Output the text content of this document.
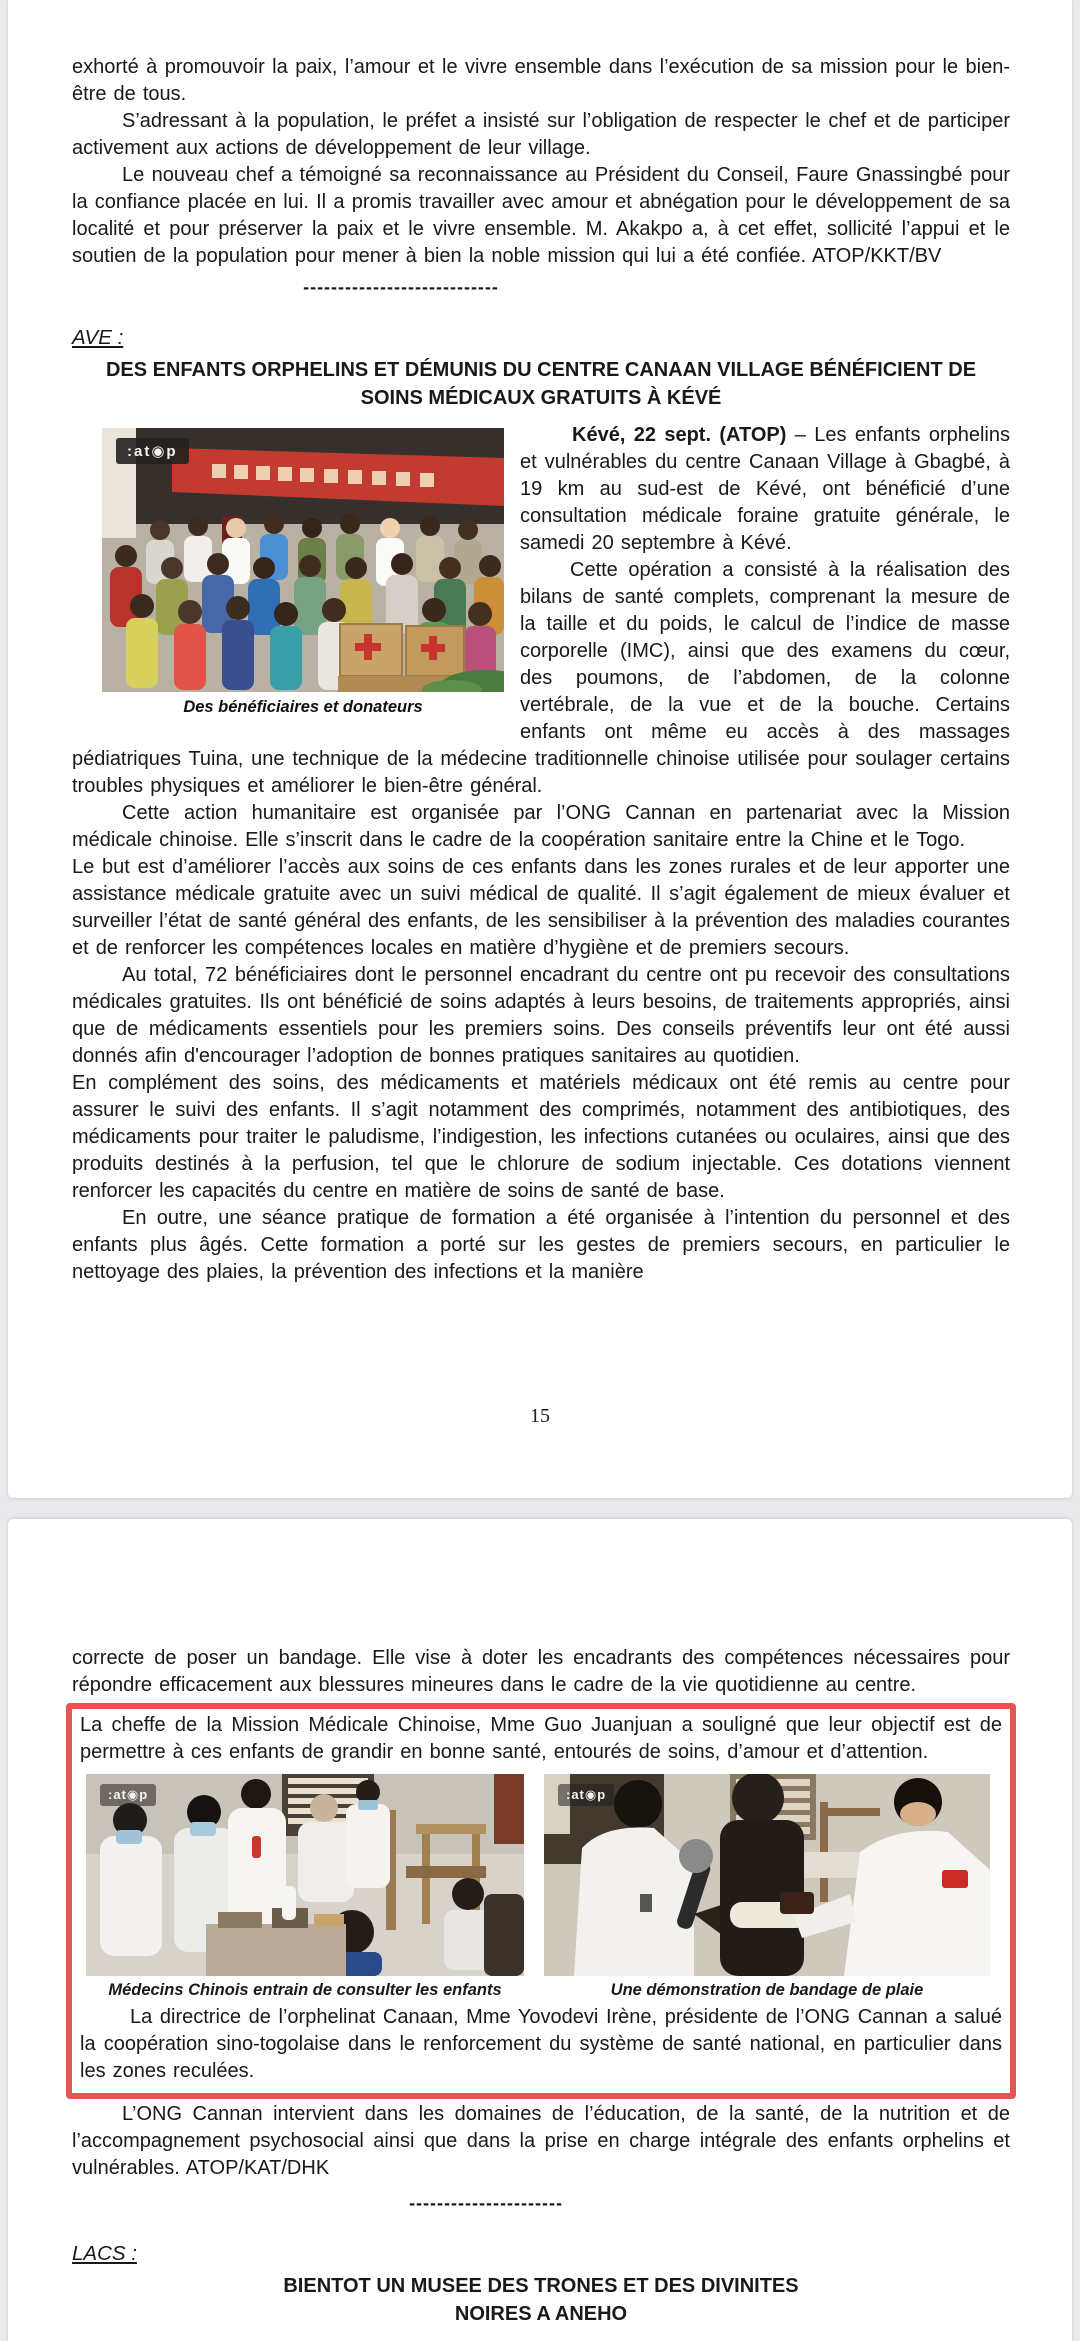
exhorté à promouvoir la paix, l’amour et le vivre ensemble dans l’exécution de sa mission pour le bien-être de tous.

S’adressant à la population, le préfet a insisté sur l’obligation de respecter le chef et de participer activement aux actions de développement de leur village.

Le nouveau chef a témoigné sa reconnaissance au Président du Conseil, Faure Gnassingbé pour la confiance placée en lui. Il a promis travailler avec amour et abnégation pour le développement de sa localité et pour préserver la paix et le vivre ensemble. M. Akakpo a, à cet effet, sollicité l’appui et le soutien de la population pour mener à bien la noble mission qui lui a été confiée. ATOP/KKT/BV

----------------------------
AVE :
DES ENFANTS ORPHELINS ET DÉMUNIS DU CENTRE CANAAN VILLAGE BÉNÉFICIENT DE SOINS MÉDICAUX GRATUITS À KÉVÉ
:at◉p
Des bénéficiaires et donateurs

Kévé, 22 sept. (ATOP) – Les enfants orphelins et vulnérables du centre Canaan Village à Gbagbé, à 19 km au sud-est de Kévé, ont bénéficié d’une consultation médicale foraine gratuite générale, le samedi 20 septembre à Kévé.

Cette opération a consisté à la réalisation des bilans de santé complets, comprenant la mesure de la taille et du poids, le calcul de l’indice de masse corporelle (IMC), ainsi que des examens du cœur, des poumons, de l’abdomen, de la colonne vertébrale, de la vue et de la bouche. Certains enfants ont même eu accès à des massages pédiatriques Tuina, une technique de la médecine traditionnelle chinoise utilisée pour soulager certains troubles physiques et améliorer le bien-être général.

Cette action humanitaire est organisée par l’ONG Cannan en partenariat avec la Mission médicale chinoise. Elle s’inscrit dans le cadre de la coopération sanitaire entre la Chine et le Togo.

Le but est d’améliorer l’accès aux soins de ces enfants dans les zones rurales et de leur apporter une assistance médicale gratuite avec un suivi médical de qualité. Il s’agit également de mieux évaluer et surveiller l’état de santé général des enfants, de les sensibiliser à la prévention des maladies courantes et de renforcer les compétences locales en matière d’hygiène et de premiers secours.

Au total, 72 bénéficiaires dont le personnel encadrant du centre ont pu recevoir des consultations médicales gratuites. Ils ont bénéficié de soins adaptés à leurs besoins, de traitements appropriés, ainsi que de médicaments essentiels pour les premiers soins. Des conseils préventifs leur ont été aussi donnés afin d'encourager l’adoption de bonnes pratiques sanitaires au quotidien.

En complément des soins, des médicaments et matériels médicaux ont été remis au centre pour assurer le suivi des enfants. Il s’agit notamment des comprimés, notamment des antibiotiques, des médicaments pour traiter le paludisme, l’indigestion, les infections cutanées ou oculaires, ainsi que des produits destinés à la perfusion, tel que le chlorure de sodium injectable. Ces dotations viennent renforcer les capacités du centre en matière de soins de santé de base.

En outre, une séance pratique de formation a été organisée à l’intention du personnel et des enfants plus âgés. Cette formation a porté sur les gestes de premiers secours, en particulier le nettoyage des plaies, la prévention des infections et la manière

15

correcte de poser un bandage. Elle vise à doter les encadrants des compétences nécessaires pour répondre efficacement aux blessures mineures dans le cadre de la vie quotidienne au centre.

La cheffe de la Mission Médicale Chinoise, Mme Guo Juanjuan a souligné que leur objectif est de permettre à ces enfants de grandir en bonne santé, entourés de soins, d’amour et d’attention.

:at◉p	:at◉p
Médecins Chinois entrain de consulter les enfants	Une démonstration de bandage de plaie

La directrice de l’orphelinat Canaan, Mme Yovodevi Irène, présidente de l’ONG Cannan a salué la coopération sino-togolaise dans le renforcement du système de santé national, en particulier dans les zones reculées.

L’ONG Cannan intervient dans les domaines de l’éducation, de la santé, de la nutrition et de l’accompagnement psychosocial ainsi que dans la prise en charge intégrale des enfants orphelins et vulnérables. ATOP/KAT/DHK

----------------------
LACS :
BIENTOT UN MUSEE DES TRONES ET DES DIVINITES
NOIRES A ANEHO
